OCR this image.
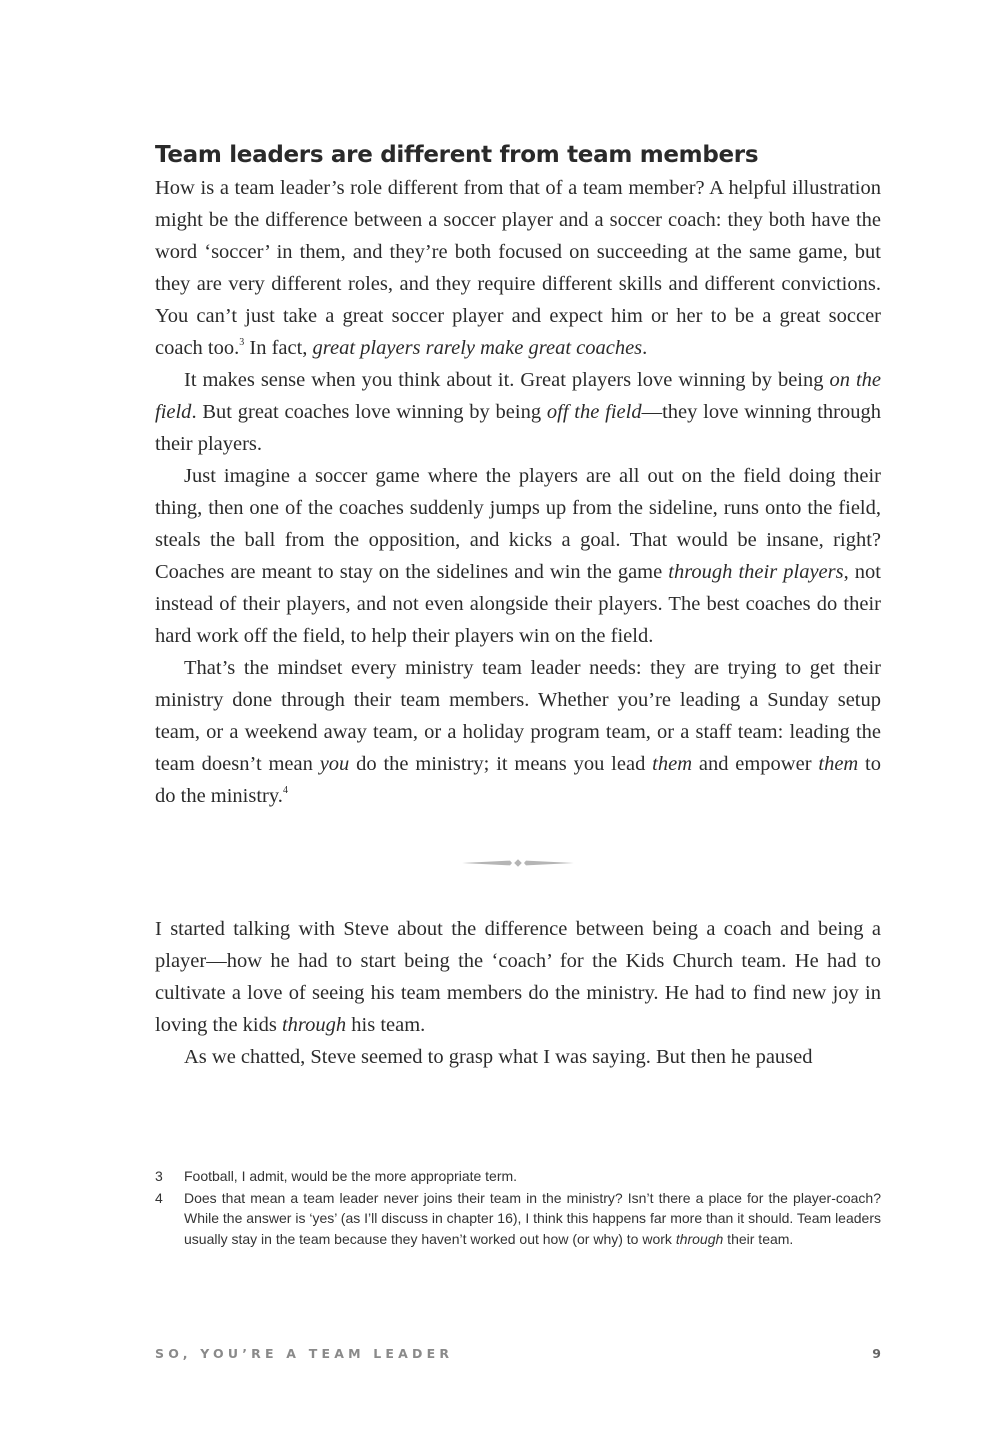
Team leaders are different from team members

How is a team leader’s role different from that of a team member? A helpful illustration might be the difference between a soccer player and a soccer coach: they both have the word ‘soccer’ in them, and they’re both focused on succeeding at the same game, but they are very different roles, and they require different skills and different convictions. You can’t just take a great soccer player and expect him or her to be a great soccer coach too.$^3$ In fact, great players rarely make great coaches.

It makes sense when you think about it. Great players love winning by being on the field. But great coaches love winning by being off the field—they love winning through their players.

Just imagine a soccer game where the players are all out on the field doing their thing, then one of the coaches suddenly jumps up from the sideline, runs onto the field, steals the ball from the opposition, and kicks a goal. That would be insane, right? Coaches are meant to stay on the sidelines and win the game through their players, not instead of their players, and not even alongside their players. The best coaches do their hard work off the field, to help their players win on the field.

That’s the mindset every ministry team leader needs: they are trying to get their ministry done through their team members. Whether you’re leading a Sunday setup team, or a weekend away team, or a holiday program team, or a staff team: leading the team doesn’t mean you do the ministry; it means you lead them and empower them to do the ministry.$^4$

I started talking with Steve about the difference between being a coach and being a player—how he had to start being the ‘coach’ for the Kids Church team. He had to cultivate a love of seeing his team members do the ministry. He had to find new joy in loving the kids through his team.

As we chatted, Steve seemed to grasp what I was saying. But then he paused

3	Football, I admit, would be the more appropriate term.
4	Does that mean a team leader never joins their team in the ministry? Isn’t there a place for the player-coach? While the answer is ‘yes’ (as I’ll discuss in chapter 16), I think this happens far more than it should. Team leaders usually stay in the team because they haven’t worked out how (or why) to work through their team.
SO, YOU’RE A TEAM LEADER	9
